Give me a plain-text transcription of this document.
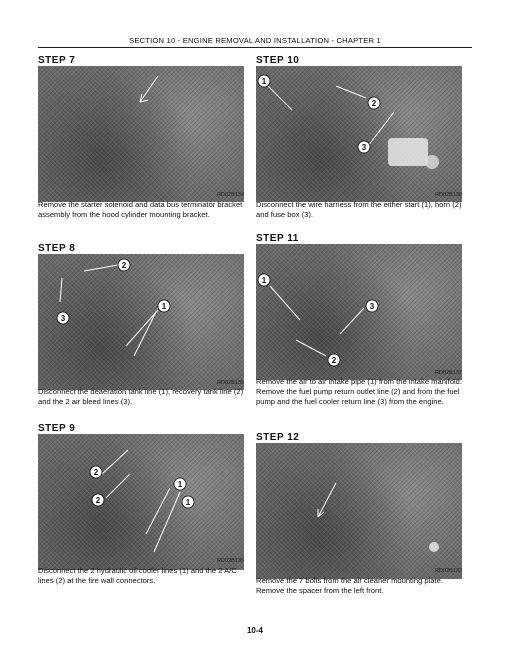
SECTION 10 - ENGINE REMOVAL AND INSTALLATION - CHAPTER 1
STEP 7
RD02B134
Remove the starter solenoid and data bus terminator bracket assembly from the hood cylinder mounting bracket.
STEP 8
2
1
3
RD02B135
Disconnect the deaeration tank line (1), recovery tank line (2) and the 2 air bleed lines (3).
STEP 9
2
1
2	1
RD02B136
Disconnect the 2 hydraulic oil cooler lines (1) and the 2 A/C lines (2) at the fire wall connectors.
STEP 10
1
2
3
RD02B138
Disconnect the wire harness from the either start (1), horn (2) and fuse box (3).
STEP 11
1
3
2
RD02B137
Remove the air to air intake pipe (1) from the intake manifold. Remove the fuel pump return outlet line (2) and from the fuel pump and the fuel cooler return line (3) from the engine.
STEP 12
RD02B133
Remove the 7 bolts from the air cleaner mounting plate. Remove the spacer from the left front.
10-4
